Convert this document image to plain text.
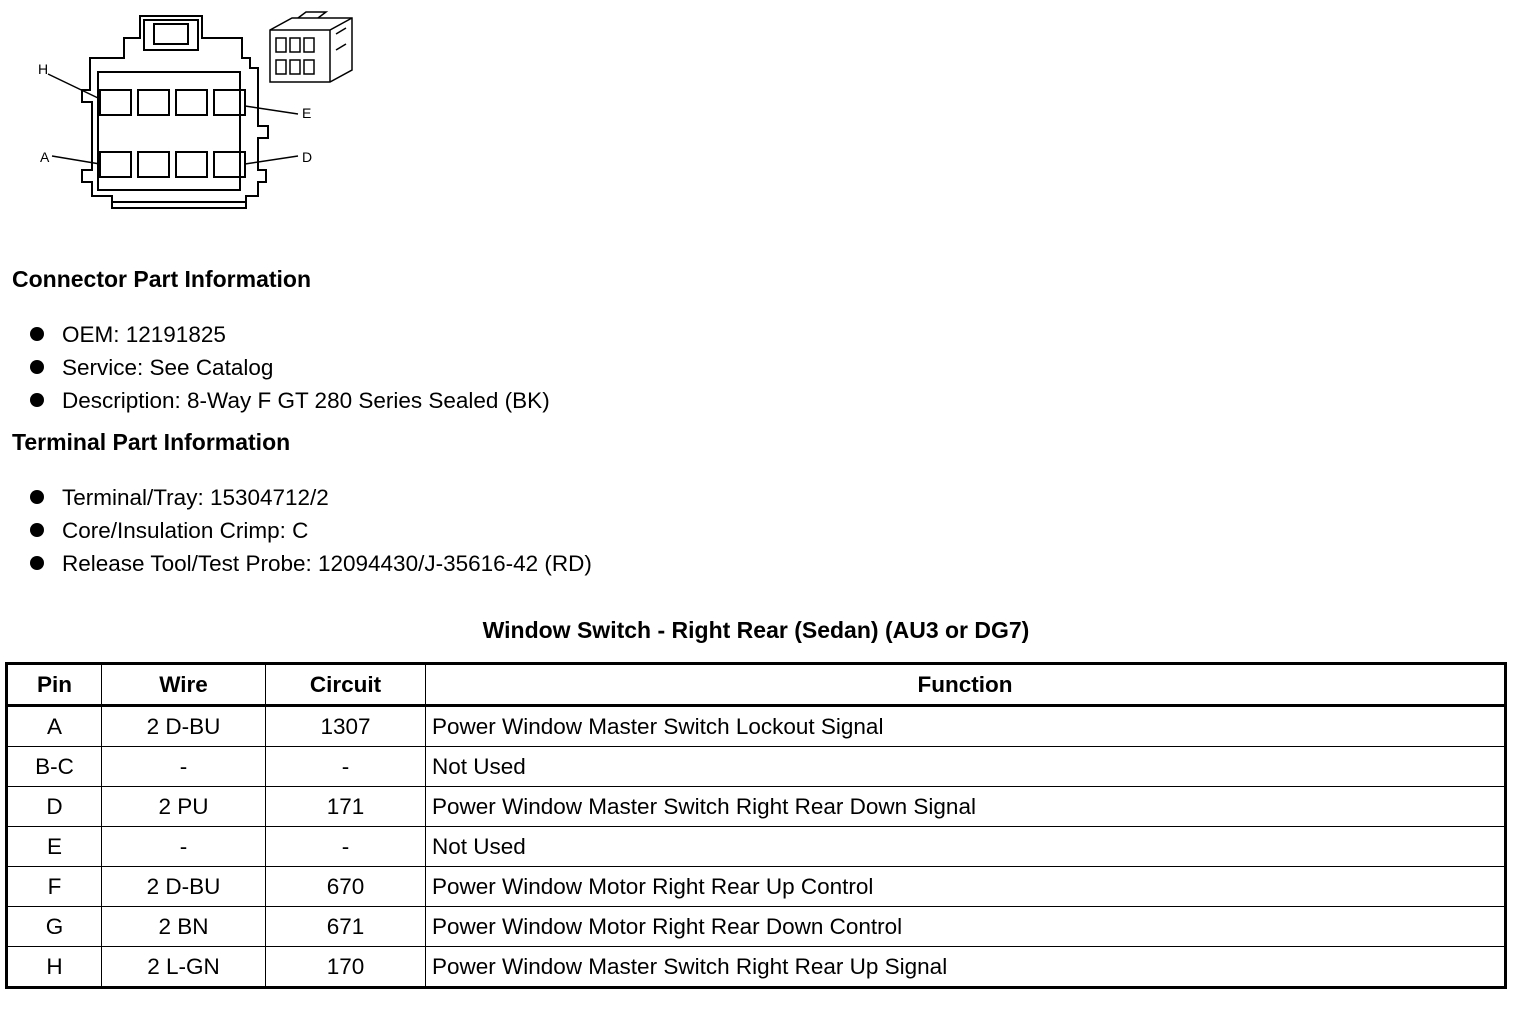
H
E
A	D
Connector Part Information
OEM: 12191825
Service: See Catalog
Description: 8-Way F GT 280 Series Sealed (BK)
Terminal Part Information
Terminal/Tray: 15304712/2
Core/Insulation Crimp: C
Release Tool/Test Probe: 12094430/J-35616-42 (RD)
Window Switch - Right Rear (Sedan) (AU3 or DG7)
Pin	Wire	Circuit	Function
A	2 D-BU	1307	Power Window Master Switch Lockout Signal
B-C	-	-	Not Used
D	2 PU	171	Power Window Master Switch Right Rear Down Signal
E	-	-	Not Used
F	2 D-BU	670	Power Window Motor Right Rear Up Control
G	2 BN	671	Power Window Motor Right Rear Down Control
H	2 L-GN	170	Power Window Master Switch Right Rear Up Signal
